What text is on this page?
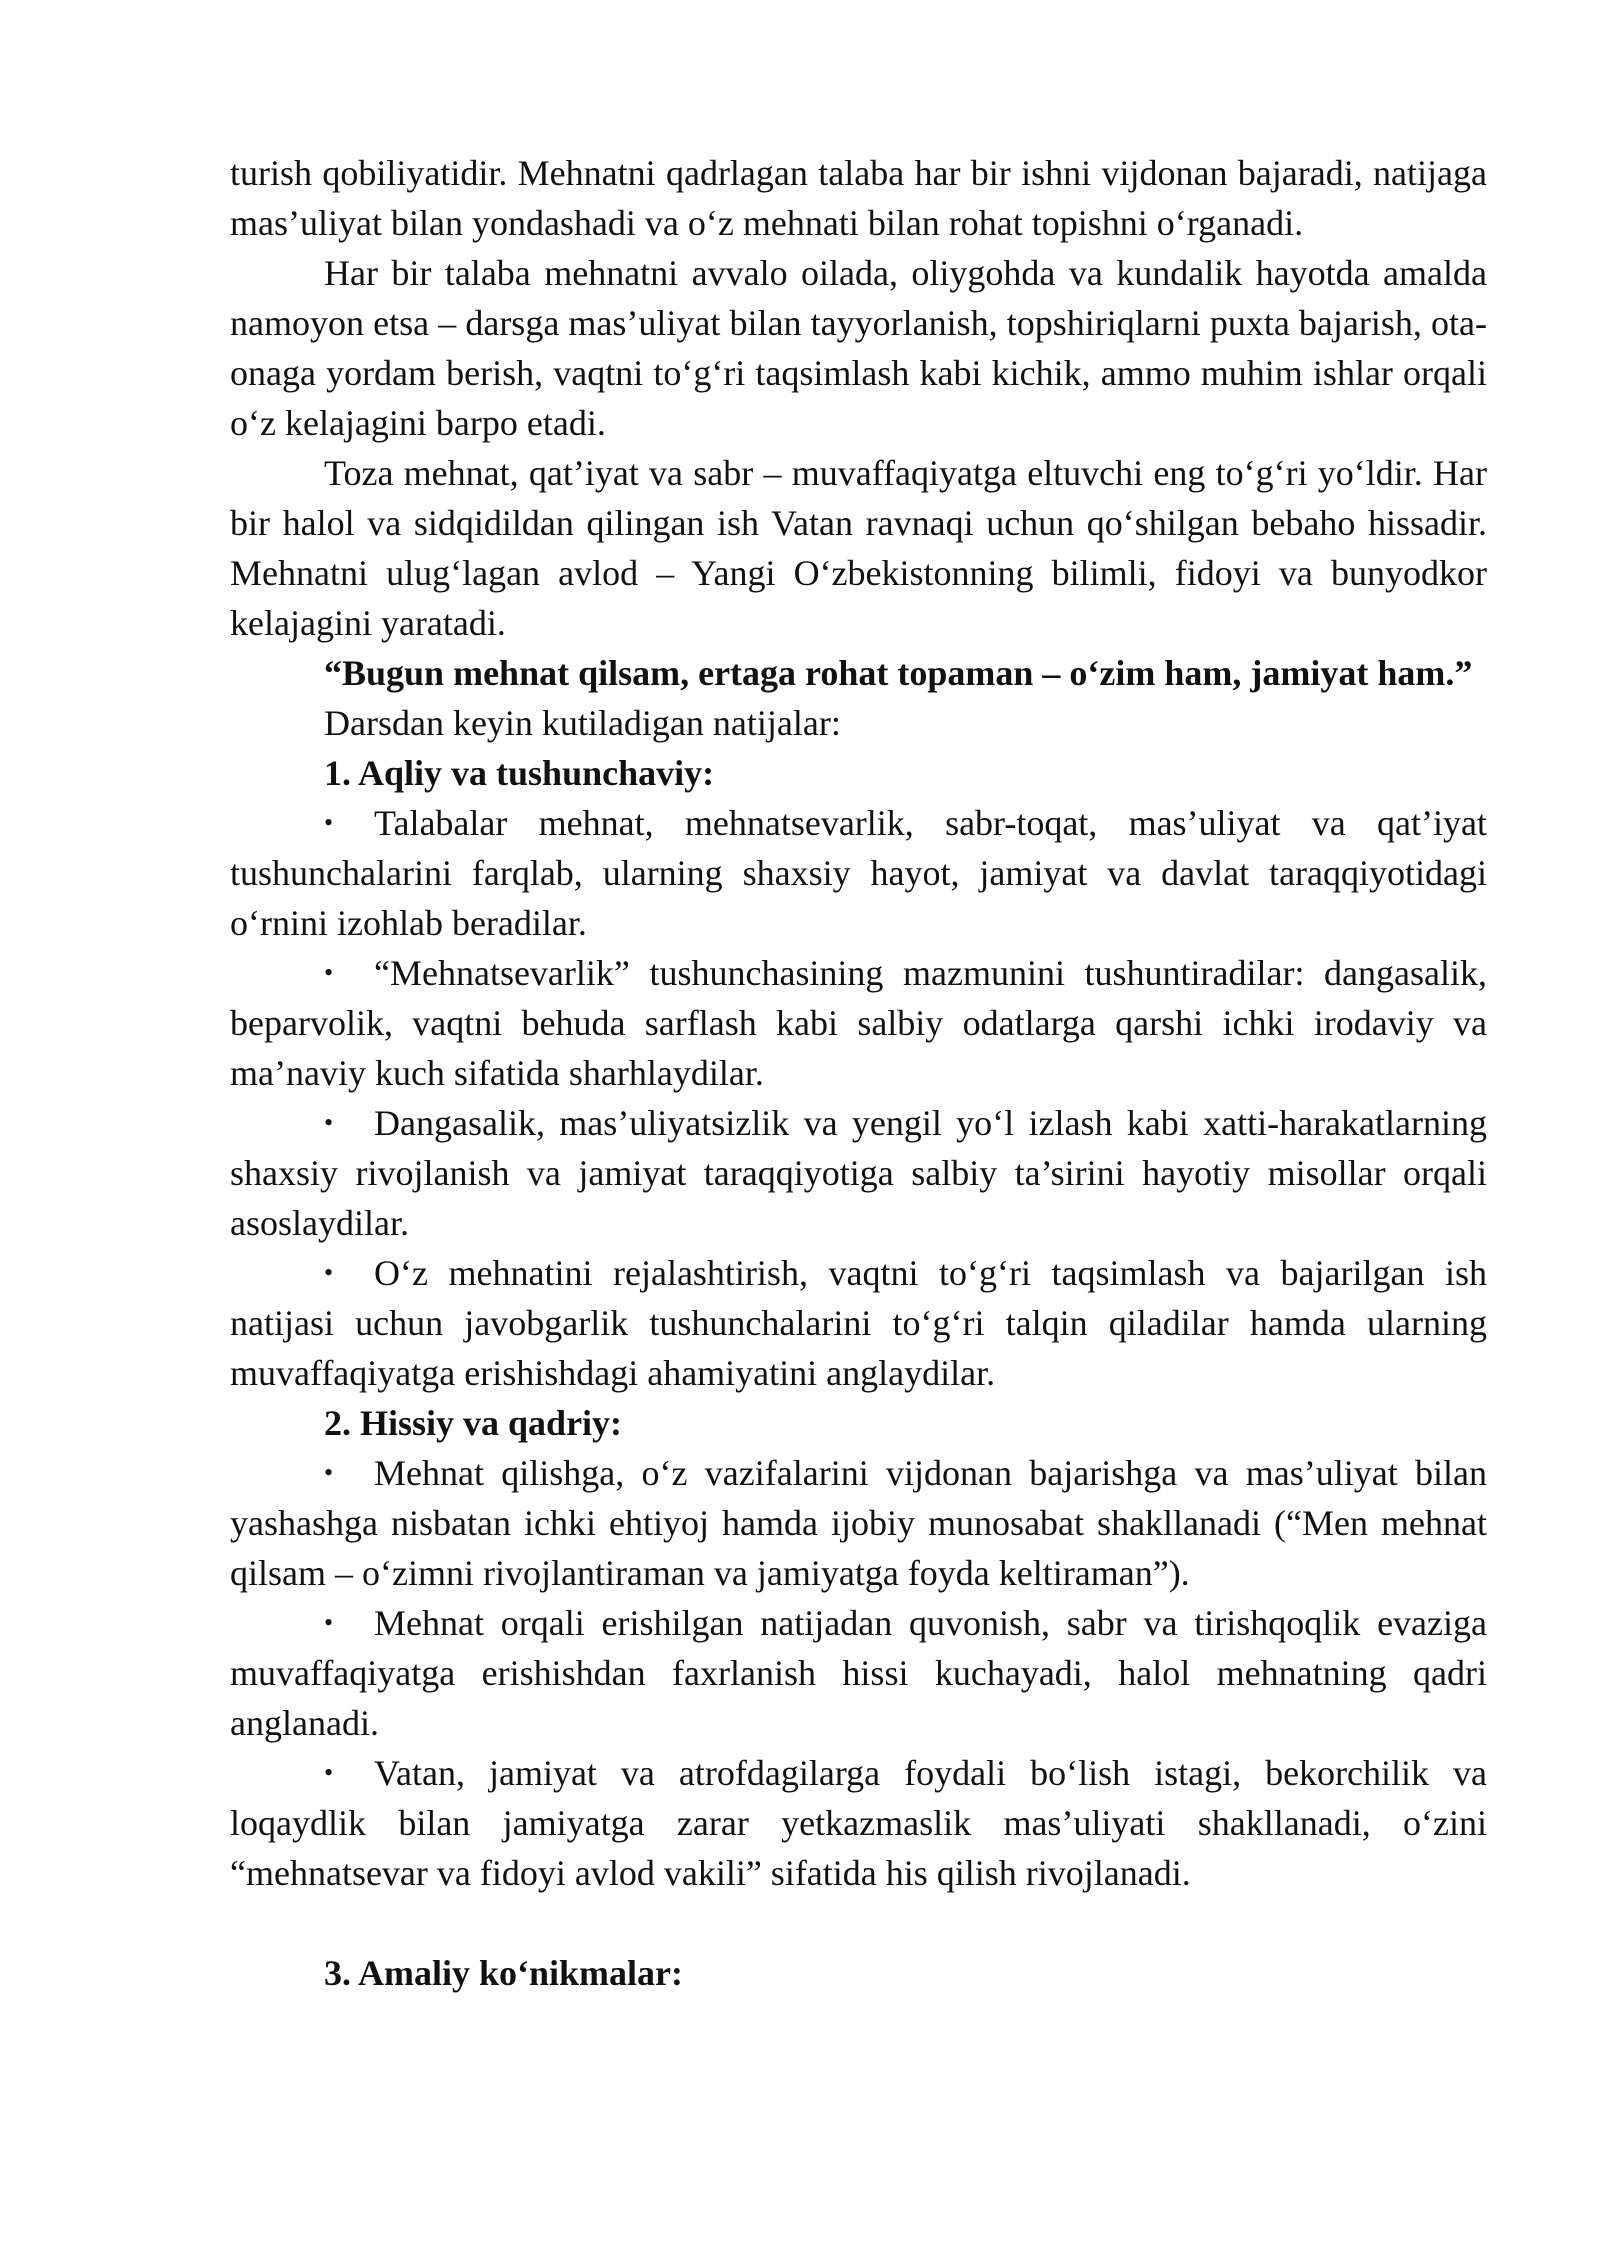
turish qobiliyatidir. Mehnatni qadrlagan talaba har bir ishni vijdonan bajaradi, natijaga mas’uliyat bilan yondashadi va o‘z mehnati bilan rohat topishni o‘rganadi.

Har bir talaba mehnatni avvalo oilada, oliygohda va kundalik hayotda amalda namoyon etsa – darsga mas’uliyat bilan tayyorlanish, topshiriqlarni puxta bajarish, ota-onaga yordam berish, vaqtni to‘g‘ri taqsimlash kabi kichik, ammo muhim ishlar orqali o‘z kelajagini barpo etadi.

Toza mehnat, qat’iyat va sabr – muvaffaqiyatga eltuvchi eng to‘g‘ri yo‘ldir. Har bir halol va sidqidildan qilingan ish Vatan ravnaqi uchun qo‘shilgan bebaho hissadir. Mehnatni ulug‘lagan avlod – Yangi O‘zbekistonning bilimli, fidoyi va bunyodkor kelajagini yaratadi.

“Bugun mehnat qilsam, ertaga rohat topaman – o‘zim ham, jamiyat ham.”

Darsdan keyin kutiladigan natijalar:

1. Aqliy va tushunchaviy:

• Talabalar mehnat, mehnatsevarlik, sabr-toqat, mas’uliyat va qat’iyat tushunchalarini farqlab, ularning shaxsiy hayot, jamiyat va davlat taraqqiyotidagi o‘rnini izohlab beradilar.

• “Mehnatsevarlik” tushunchasining mazmunini tushuntiradilar: dangasalik, beparvolik, vaqtni behuda sarflash kabi salbiy odatlarga qarshi ichki irodaviy va ma’naviy kuch sifatida sharhlaydilar.

• Dangasalik, mas’uliyatsizlik va yengil yo‘l izlash kabi xatti-harakatlarning shaxsiy rivojlanish va jamiyat taraqqiyotiga salbiy ta’sirini hayotiy misollar orqali asoslaydilar.

• O‘z mehnatini rejalashtirish, vaqtni to‘g‘ri taqsimlash va bajarilgan ish natijasi uchun javobgarlik tushunchalarini to‘g‘ri talqin qiladilar hamda ularning muvaffaqiyatga erishishdagi ahamiyatini anglaydilar.

2. Hissiy va qadriy:

• Mehnat qilishga, o‘z vazifalarini vijdonan bajarishga va mas’uliyat bilan yashashga nisbatan ichki ehtiyoj hamda ijobiy munosabat shakllanadi (“Men mehnat qilsam – o‘zimni rivojlantiraman va jamiyatga foyda keltiraman”).

• Mehnat orqali erishilgan natijadan quvonish, sabr va tirishqoqlik evaziga muvaffaqiyatga erishishdan faxrlanish hissi kuchayadi, halol mehnatning qadri anglanadi.

• Vatan, jamiyat va atrofdagilarga foydali bo‘lish istagi, bekorchilik va loqaydlik bilan jamiyatga zarar yetkazmaslik mas’uliyati shakllanadi, o‘zini “mehnatsevar va fidoyi avlod vakili” sifatida his qilish rivojlanadi.

3. Amaliy ko‘nikmalar:
